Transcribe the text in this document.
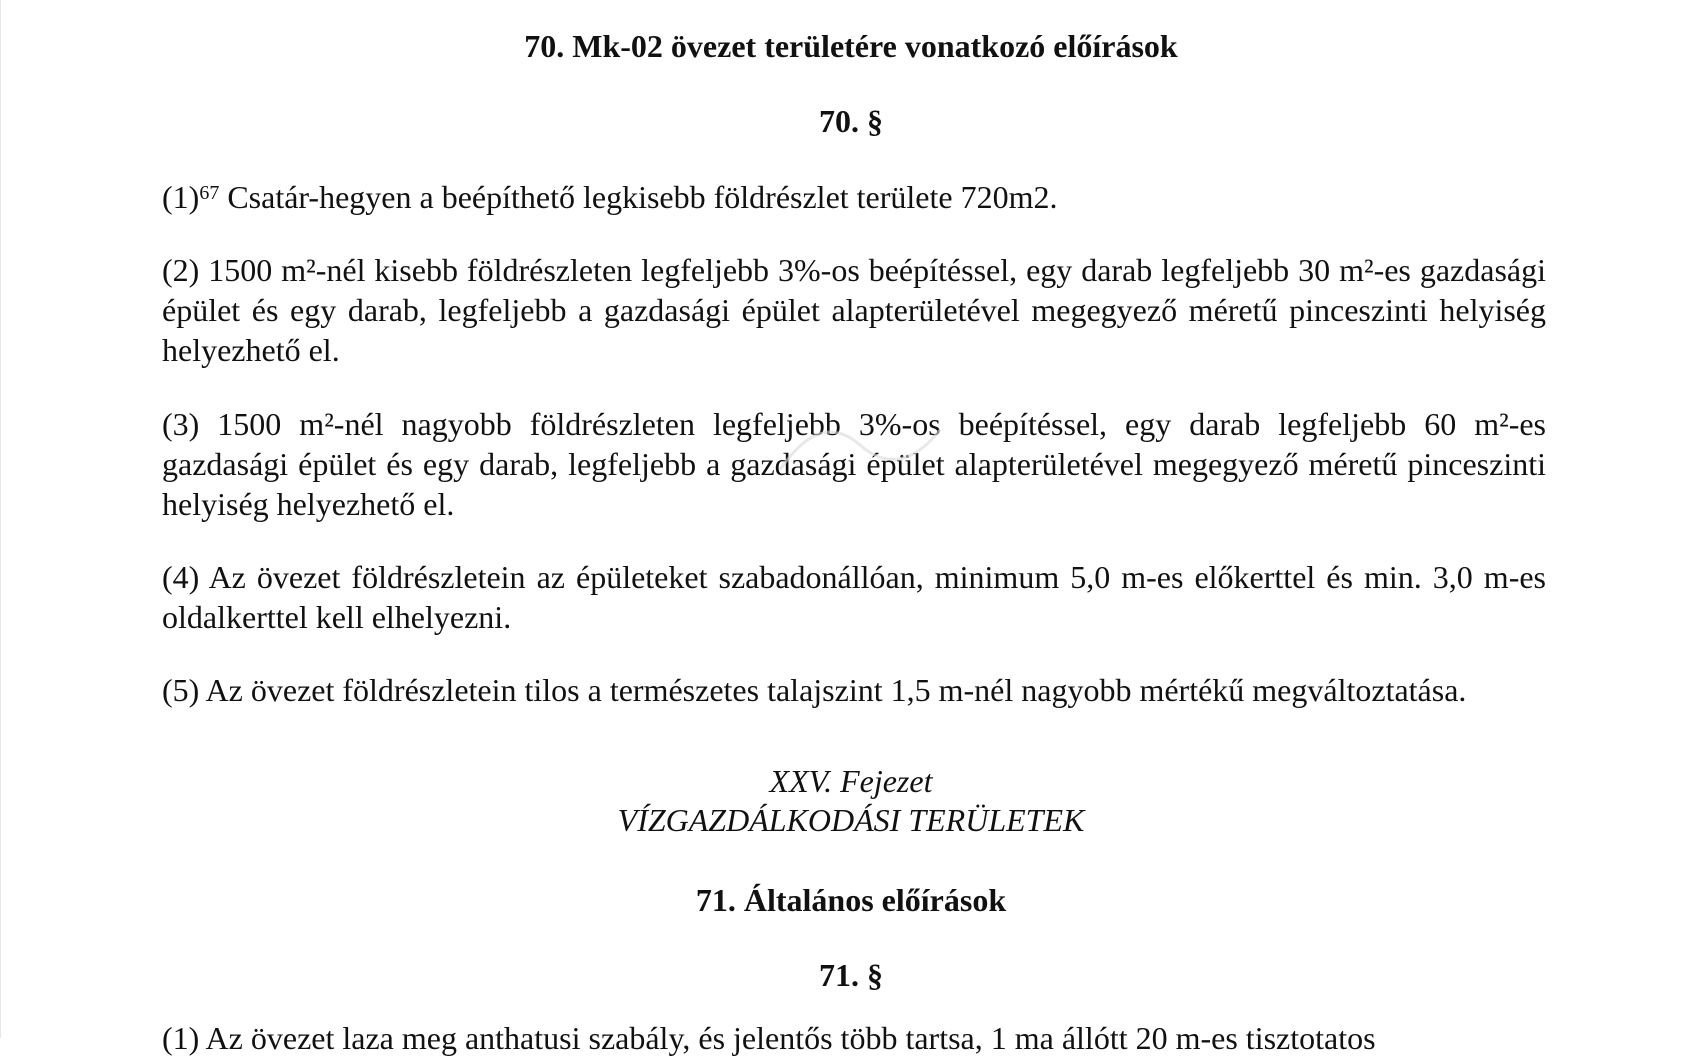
70. Mk-02 övezet területére vonatkozó előírások
70. §

(1)$^{67}$ Csatár-hegyen a beépíthető legkisebb földrészlet területe 720m2.

(2) 1500 m²-nél kisebb földrészleten legfeljebb 3%-os beépítéssel, egy darab legfeljebb 30 m²-es gazdasági épület és egy darab, legfeljebb a gazdasági épület alapterületével megegyező méretű pinceszinti helyiség helyezhető el.

(3) 1500 m²-nél nagyobb földrészleten legfeljebb 3%-os beépítéssel, egy darab legfeljebb 60 m²-es gazdasági épület és egy darab, legfeljebb a gazdasági épület alapterületével megegyező méretű pinceszinti helyiség helyezhető el.

(4) Az övezet földrészletein az épületeket szabadonállóan, minimum 5,0 m-es előkerttel és min. 3,0 m-es oldalkerttel kell elhelyezni.

(5) Az övezet földrészletein tilos a természetes talajszint 1,5 m-nél nagyobb mértékű megváltoztatása.

XXV. Fejezet
VÍZGAZDÁLKODÁSI TERÜLETEK
71. Általános előírások
71. §
(1) Az övezet laza meg anthatusi szabály, és jelentős több tartsa, 1 ma állótt 20 m-es tisztotatos
